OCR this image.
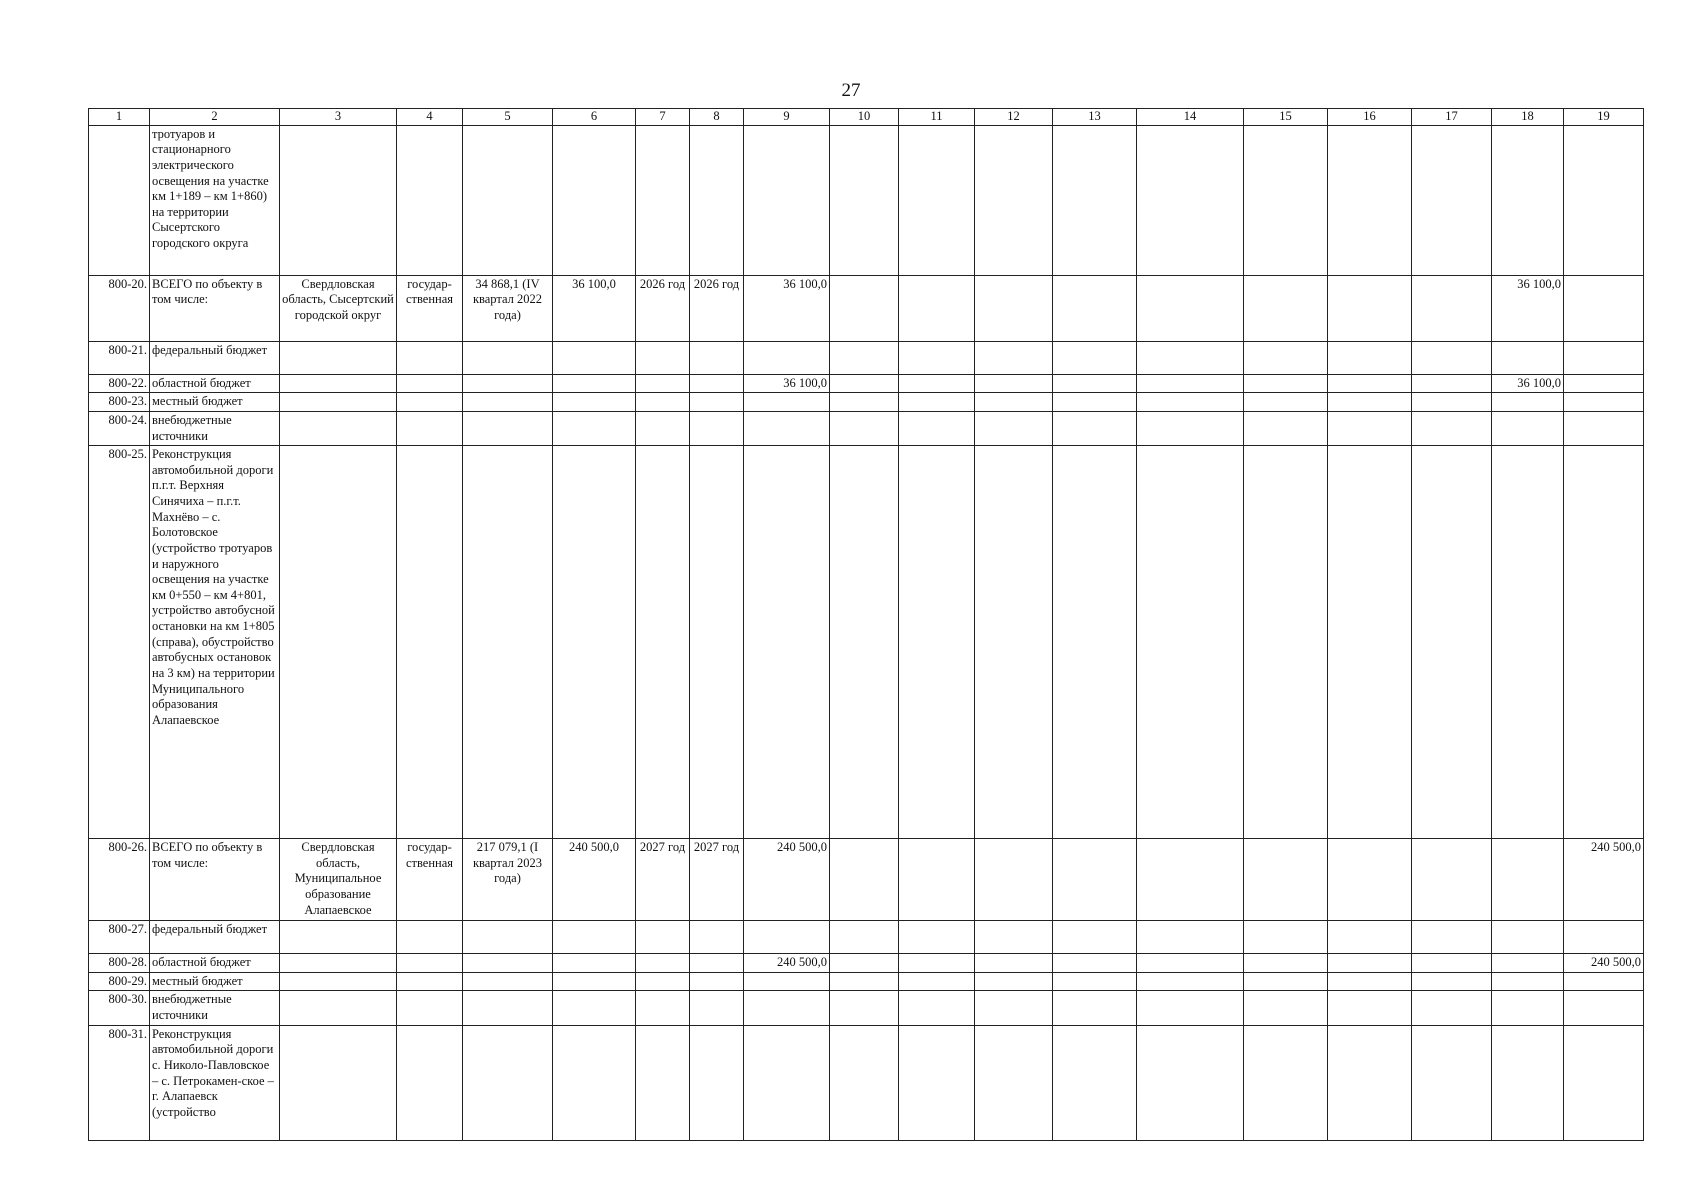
27
1	2	3	4	5	6	7	8	9	10	11	12	13	14	15	16	17	18	19
	тротуаров и стационарного электрического освещения на участке км 1+189 – км 1+860) на территории Сысертского городского округа																	
800-20.	ВСЕГО по объекту в том числе:	Свердловская область, Сысертский городской округ	государ- ственная	34 868,1 (IV квартал 2022 года)	36 100,0	2026 год	2026 год	36 100,0									36 100,0	
800-21.	федеральный бюджет																	
800-22.	областной бюджет							36 100,0									36 100,0	
800-23.	местный бюджет																	
800-24.	внебюджетные источники																	
800-25.	Реконструкция автомобильной дороги п.г.т. Верхняя Синячиха – п.г.т. Махнёво – с. Болотовское (устройство тротуаров и наружного освещения на участке км 0+550 – км 4+801, устройство автобусной остановки на км 1+805 (справа), обустройство автобусных остановок на 3 км) на территории Муниципального образования Алапаевское																	
800-26.	ВСЕГО по объекту в том числе:	Свердловская область, Муниципальное образование Алапаевское	государ- ственная	217 079,1 (I квартал 2023 года)	240 500,0	2027 год	2027 год	240 500,0										240 500,0
800-27.	федеральный бюджет																	
800-28.	областной бюджет							240 500,0										240 500,0
800-29.	местный бюджет																	
800-30.	внебюджетные источники																	
800-31.	Реконструкция автомобильной дороги с. Николо-Павловское – с. Петрокамен-ское – г. Алапаевск (устройство																	
